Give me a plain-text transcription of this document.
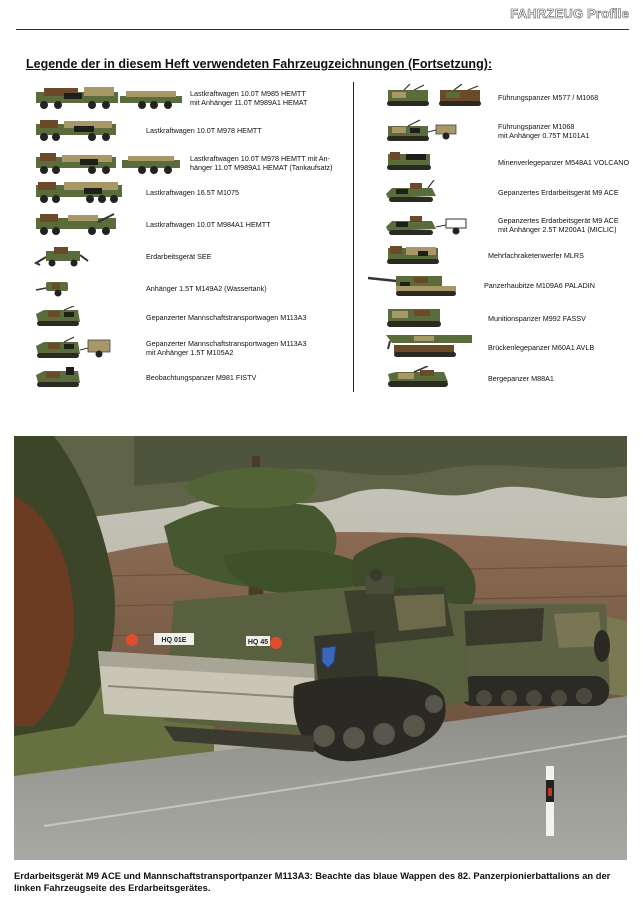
FAHRZEUG Profile
Legende der in diesem Heft verwendeten Fahrzeugzeichnungen (Fortsetzung):
Lastkraftwagen 10.0T M985 HEMTT
mit Anhänger 11.0T M989A1 HEMAT
Lastkraftwagen 10.0T M978 HEMTT
Lastkraftwagen 10.0T M978 HEMTT mit An-
hänger 11.0T M989A1 HEMAT (Tankaufsatz)
Lastkraftwagen 16.5T M1075
Lastkraftwagen 10.0T M984A1 HEMTT
Erdarbeitsgerät SEE
Anhänger 1.5T M149A2 (Wassertank)
Gepanzerter Mannschaftstransportwagen M113A3
Gepanzerter Mannschaftstransportwagen M113A3
mit Anhänger 1.5T M105A2
Beobachtungspanzer M981 FISTV
Führungspanzer M577 / M1068
Führungspanzer M1068
mit Anhänger 0.75T M101A1
Minenverlegepanzer M548A1 VOLCANO
Gepanzertes Erdarbeitsgerät M9 ACE
Gepanzertes Erdarbeitsgerät M9 ACE
mit Anhänger 2.5T M200A1 (MICLIC)
Mehrfachraketenwerfer MLRS
Panzerhaubitze M109A6 PALADIN
Munitionspanzer M992 FASSV
Brückenlegepanzer M60A1 AVLB
Bergepanzer M88A1
HQ 01E	HQ 45
Erdarbeitsgerät M9 ACE und Mannschaftstransportpanzer M113A3: Beachte das blaue Wappen des 82. Panzerpionierbattalions an der linken Fahrzeugseite des Erdarbeitsgerätes.
